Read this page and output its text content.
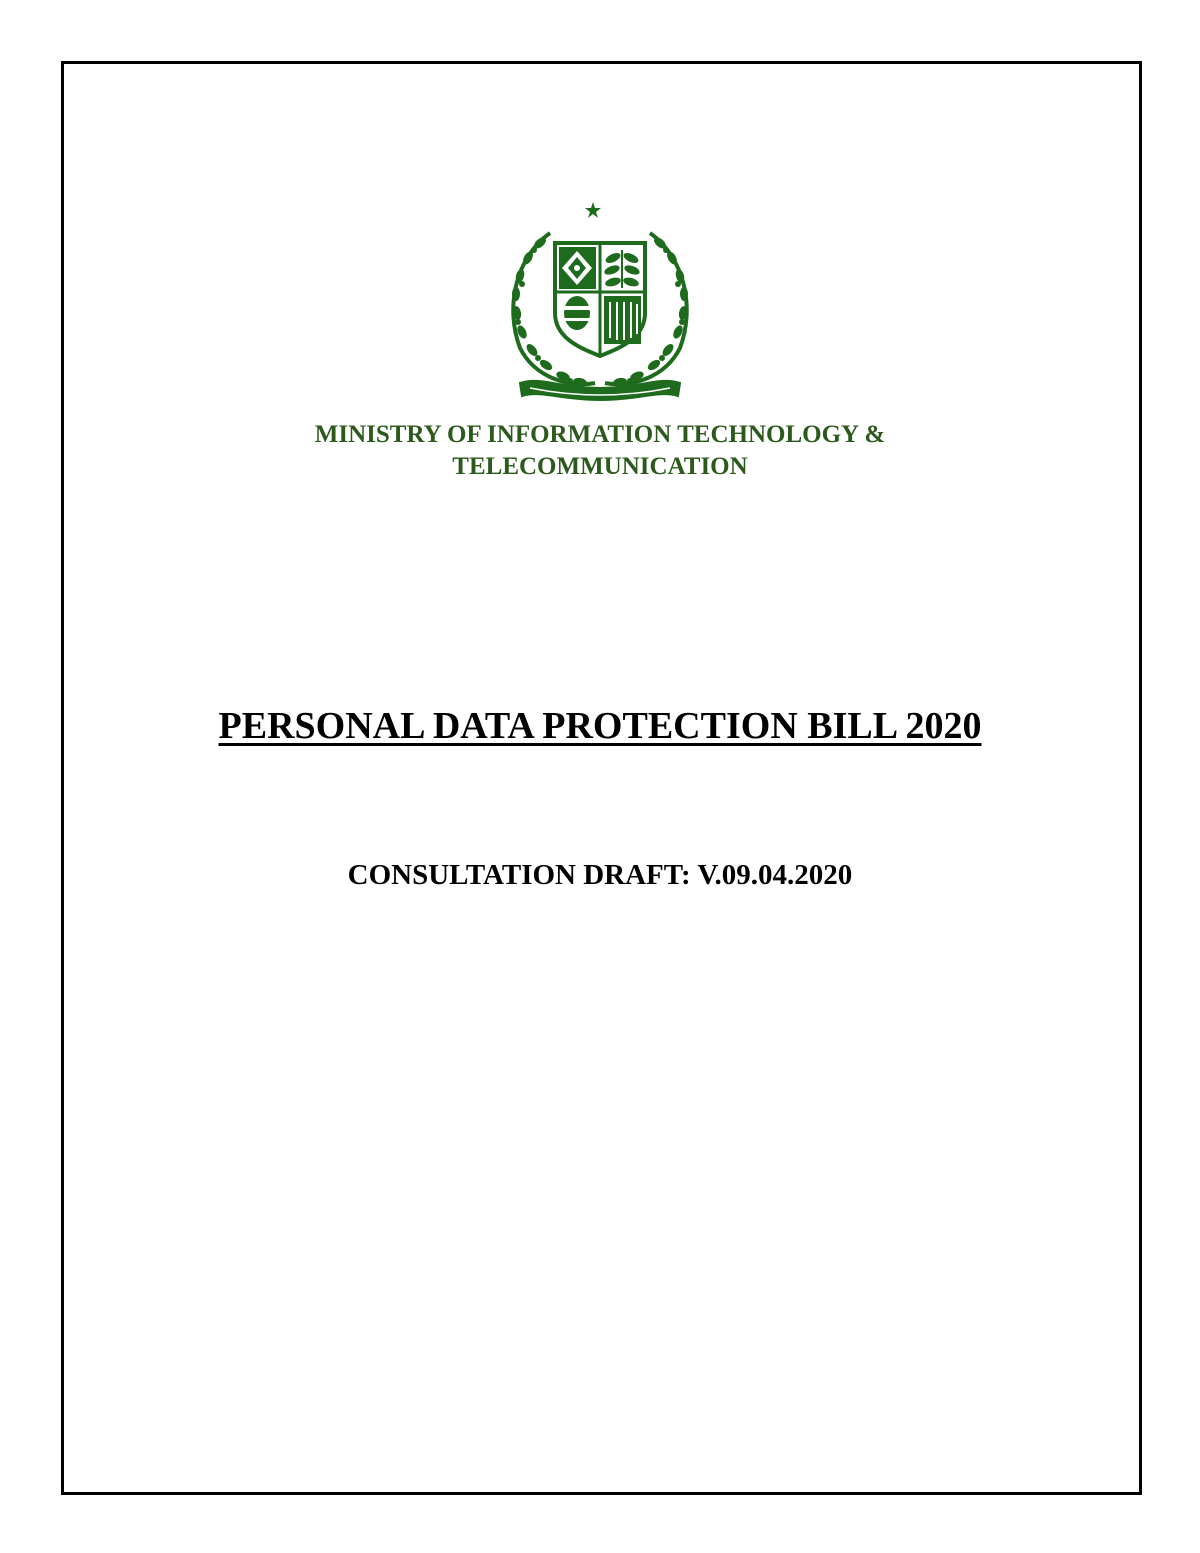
MINISTRY OF INFORMATION TECHNOLOGY &
TELECOMMUNICATION
PERSONAL DATA PROTECTION BILL 2020
CONSULTATION DRAFT: V.09.04.2020
